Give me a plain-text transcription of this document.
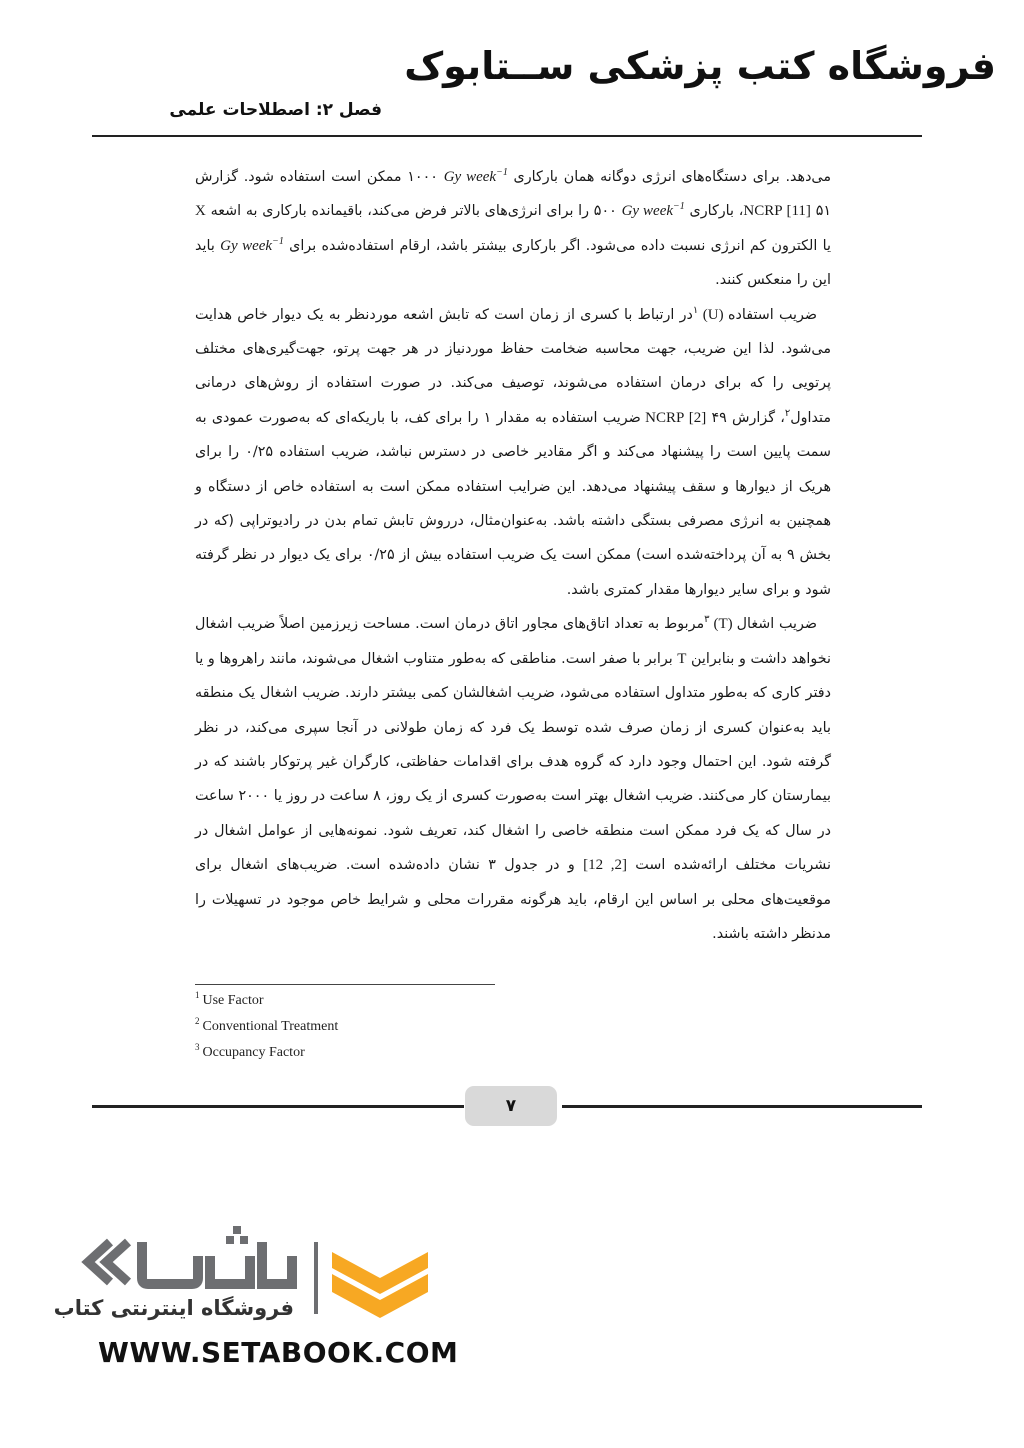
فروشگاه کتب پزشکی ســتابوک
فصل ۲: اصطلاحات علمی

می‌دهد. برای دستگاه‌های انرژی دوگانه همان بارکاری Gy week$^{-1}$ ۱۰۰۰ ممکن است استفاده شود. گزارش ۵۱ NCRP [11]، بارکاری Gy week$^{-1}$ ۵۰۰ را برای انرژی‌های بالاتر فرض می‌کند، باقیمانده بارکاری به اشعه X یا الکترون کم انرژی نسبت داده می‌شود. اگر بارکاری بیشتر باشد، ارقام استفاده‌شده برای Gy week$^{-1}$ باید این را منعکس کنند.

ضریب استفاده$^۱$ (U) در ارتباط با کسری از زمان است که تابش اشعه موردنظر به یک دیوار خاص هدایت می‌شود. لذا این ضریب، جهت محاسبه ضخامت حفاظ موردنیاز در هر جهت پرتو، جهت‌گیری‌های مختلف پرتویی را که برای درمان استفاده می‌شوند، توصیف می‌کند. در صورت استفاده از روش‌های درمانی متداول$^۲$، گزارش ۴۹ NCRP [2] ضریب استفاده به مقدار ۱ را برای کف، با باریکه‌ای که به‌صورت عمودی به سمت پایین است را پیشنهاد می‌کند و اگر مقادیر خاصی در دسترس نباشد، ضریب استفاده ۰/۲۵ را برای هریک از دیوارها و سقف پیشنهاد می‌دهد. این ضرایب استفاده ممکن است به استفاده خاص از دستگاه و همچنین به انرژی مصرفی بستگی داشته باشد. به‌عنوان‌مثال، درروش تابش تمام بدن در رادیوتراپی (که در بخش ۹ به آن پرداخته‌شده است) ممکن است یک ضریب استفاده بیش از ۰/۲۵ برای یک دیوار در نظر گرفته شود و برای سایر دیوارها مقدار کمتری باشد.

ضریب اشغال$^۳$ (T) مربوط به تعداد اتاق‌های مجاور اتاق درمان است. مساحت زیرزمین اصلاً ضریب اشغال نخواهد داشت و بنابراین T برابر با صفر است. مناطقی که به‌طور متناوب اشغال می‌شوند، مانند راهروها و یا دفتر کاری که به‌طور متداول استفاده می‌شود، ضریب اشغالشان کمی بیشتر دارند. ضریب اشغال یک منطقه باید به‌عنوان کسری از زمان صرف شده توسط یک فرد که زمان طولانی در آنجا سپری می‌کند، در نظر گرفته شود. این احتمال وجود دارد که گروه هدف برای اقدامات حفاظتی، کارگران غیر پرتوکار باشند که در بیمارستان کار می‌کنند. ضریب اشغال بهتر است به‌صورت کسری از یک روز، ۸ ساعت در روز یا ۲۰۰۰ ساعت در سال که یک فرد ممکن است منطقه خاصی را اشغال کند، تعریف شود. نمونه‌هایی از عوامل اشغال در نشریات مختلف ارائه‌شده است [2, 12] و در جدول ۳ نشان داده‌شده است. ضریب‌های اشغال برای موقعیت‌های محلی بر اساس این ارقام، باید هرگونه مقررات محلی و شرایط خاص موجود در تسهیلات را مدنظر داشته باشند.

$^1$ Use Factor
$^2$ Conventional Treatment
$^3$ Occupancy Factor
۷
فروشگاه اینترنتی کتاب
WWW.SETABOOK.COM
